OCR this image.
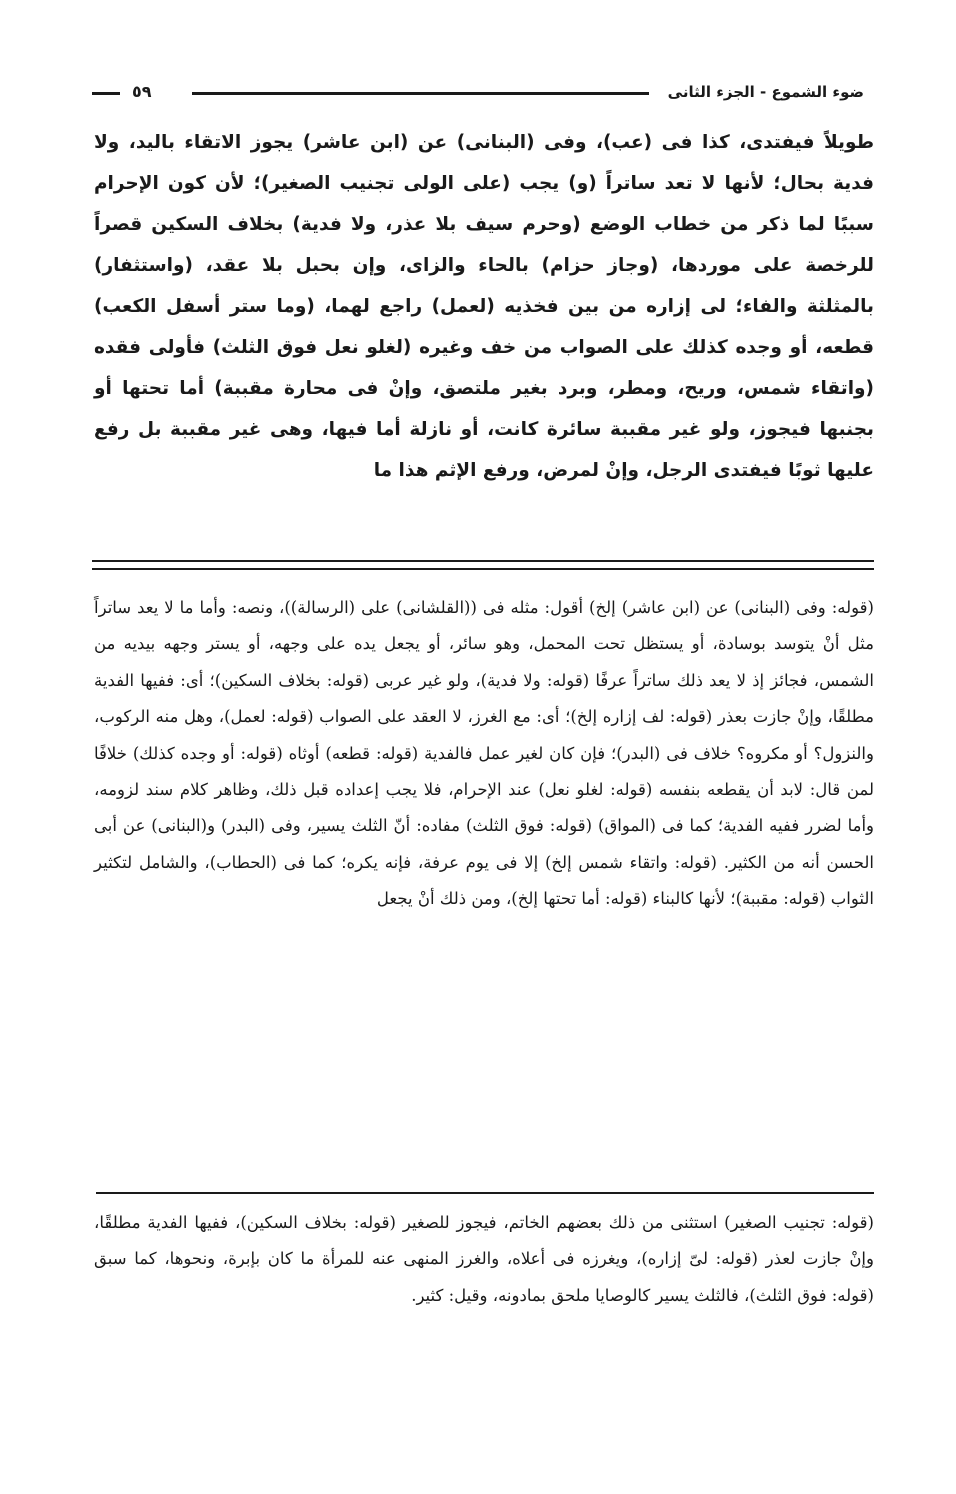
ضوء الشموع - الجزء الثانى
٥٩

طويلاً فيفتدى، كذا فى (عب)، وفى (البنانى) عن (ابن عاشر) يجوز الاتقاء باليد، ولا فدية بحال؛ لأنها لا تعد ساتراً (و) يجب (على الولى تجنيب الصغير)؛ لأن كون الإحرام سببًا لما ذكر من خطاب الوضع (وحرم سيف بلا عذر، ولا فدية) بخلاف السكين قصراً للرخصة على موردها، (وجاز حزام) بالحاء والزاى، وإن بحبل بلا عقد، (واستثفار) بالمثلثة والفاء؛ لى إزاره من بين فخذيه (لعمل) راجع لهما، (وما ستر أسفل الكعب) قطعه، أو وجده كذلك على الصواب من خف وغيره (لغلو نعل فوق الثلث) فأولى فقده (واتقاء شمس، وريح، ومطر، وبرد بغير ملتصق، وإنْ فى محارة مقببة) أما تحتها أو بجنبها فيجوز، ولو غير مقببة سائرة كانت، أو نازلة أما فيها، وهى غير مقببة بل رفع عليها ثوبًا فيفتدى الرجل، وإنْ لمرض، ورفع الإثم هذا ما

(قوله: وفى (البنانى) عن (ابن عاشر) إلخ) أقول: مثله فى ((القلشانى) على (الرسالة))، ونصه: وأما ما لا يعد ساتراً مثل أنْ يتوسد بوسادة، أو يستظل تحت المحمل، وهو سائر، أو يجعل يده على وجهه، أو يستر وجهه بيديه من الشمس، فجائز إذ لا يعد ذلك ساتراً عرفًا (قوله: ولا فدية)، ولو غير عربى (قوله: بخلاف السكين)؛ أى: ففيها الفدية مطلقًا، وإنْ جازت بعذر (قوله: لف إزاره إلخ)؛ أى: مع الغرز، لا العقد على الصواب (قوله: لعمل)، وهل منه الركوب، والنزول؟ أو مكروه؟ خلاف فى (البدر)؛ فإن كان لغير عمل فالفدية (قوله: قطعه) أوثاه (قوله: أو وجده كذلك) خلافًا لمن قال: لابد أن يقطعه بنفسه (قوله: لغلو نعل) عند الإحرام، فلا يجب إعداده قبل ذلك، وظاهر كلام سند لزومه، وأما لضرر ففيه الفدية؛ كما فى (المواق) (قوله: فوق الثلث) مفاده: أنّ الثلث يسير، وفى (البدر) و(البنانى) عن أبى الحسن أنه من الكثير. (قوله: واتقاء شمس إلخ) إلا فى يوم عرفة، فإنه يكره؛ كما فى (الحطاب)، والشامل لتكثير الثواب (قوله: مقببة)؛ لأنها كالبناء (قوله: أما تحتها إلخ)، ومن ذلك أنْ يجعل

(قوله: تجنيب الصغير) استثنى من ذلك بعضهم الخاتم، فيجوز للصغير (قوله: بخلاف السكين)، ففيها الفدية مطلقًا، وإنْ جازت لعذر (قوله: لىّ إزاره)، ويغرزه فى أعلاه، والغرز المنهى عنه للمرأة ما كان بإبرة، ونحوها، كما سبق (قوله: فوق الثلث)، فالثلث يسير كالوصايا ملحق بمادونه، وقيل: كثير.
